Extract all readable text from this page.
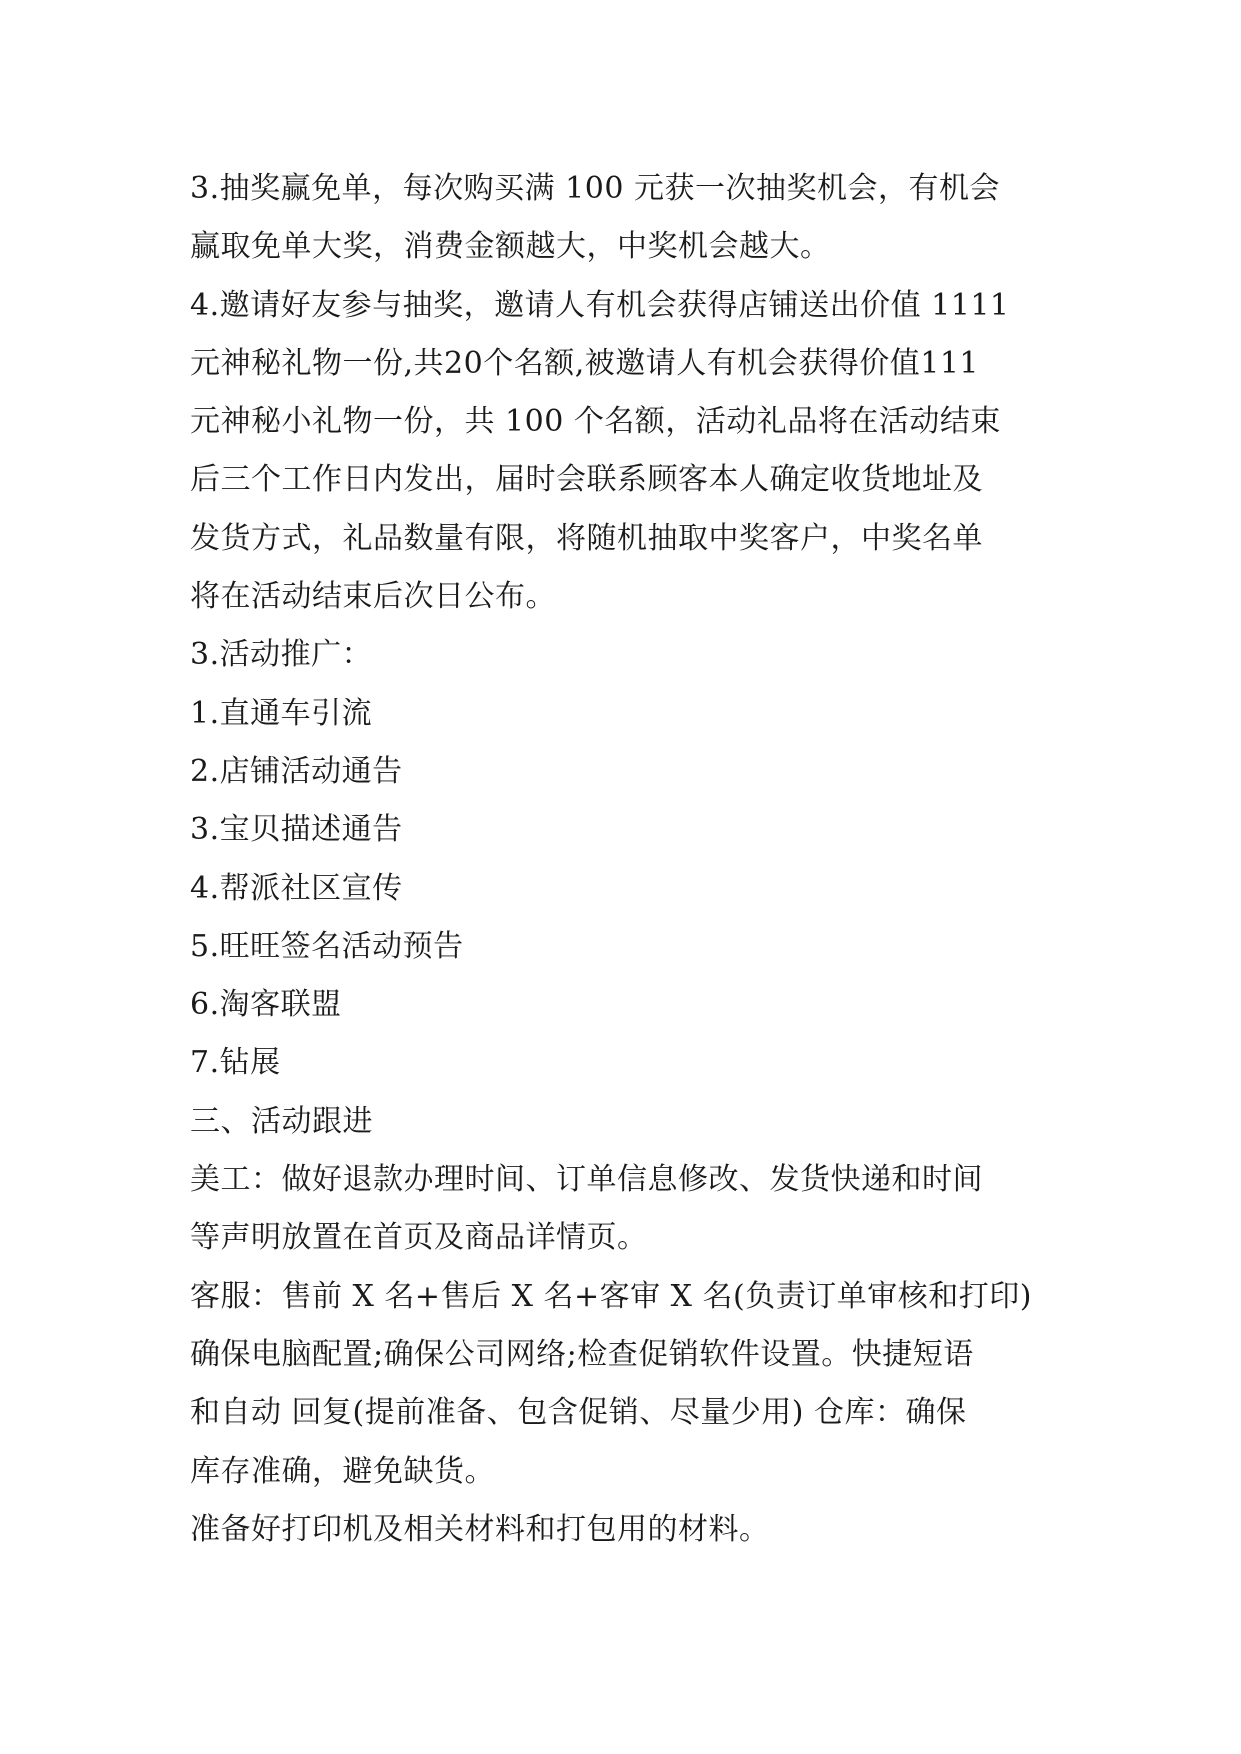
3.抽奖赢免单，每次购买满 100 元获一次抽奖机会，有机会

赢取免单大奖，消费金额越大，中奖机会越大。

4.邀请好友参与抽奖，邀请人有机会获得店铺送出价值 1111

元神秘礼物一份,共20个名额,被邀请人有机会获得价值111

元神秘小礼物一份，共 100 个名额，活动礼品将在活动结束

后三个工作日内发出，届时会联系顾客本人确定收货地址及

发货方式，礼品数量有限，将随机抽取中奖客户，中奖名单

将在活动结束后次日公布。

3.活动推广：

1.直通车引流

2.店铺活动通告

3.宝贝描述通告

4.帮派社区宣传

5.旺旺签名活动预告

6.淘客联盟

7.钻展

三、活动跟进

美工：做好退款办理时间、订单信息修改、发货快递和时间

等声明放置在首页及商品详情页。

客服：售前 X 名+售后 X 名+客审 X 名(负责订单审核和打印)

确保电脑配置;确保公司网络;检查促销软件设置。快捷短语

和自动 回复(提前准备、包含促销、尽量少用) 仓库：确保

库存准确，避免缺货。

准备好打印机及相关材料和打包用的材料。
